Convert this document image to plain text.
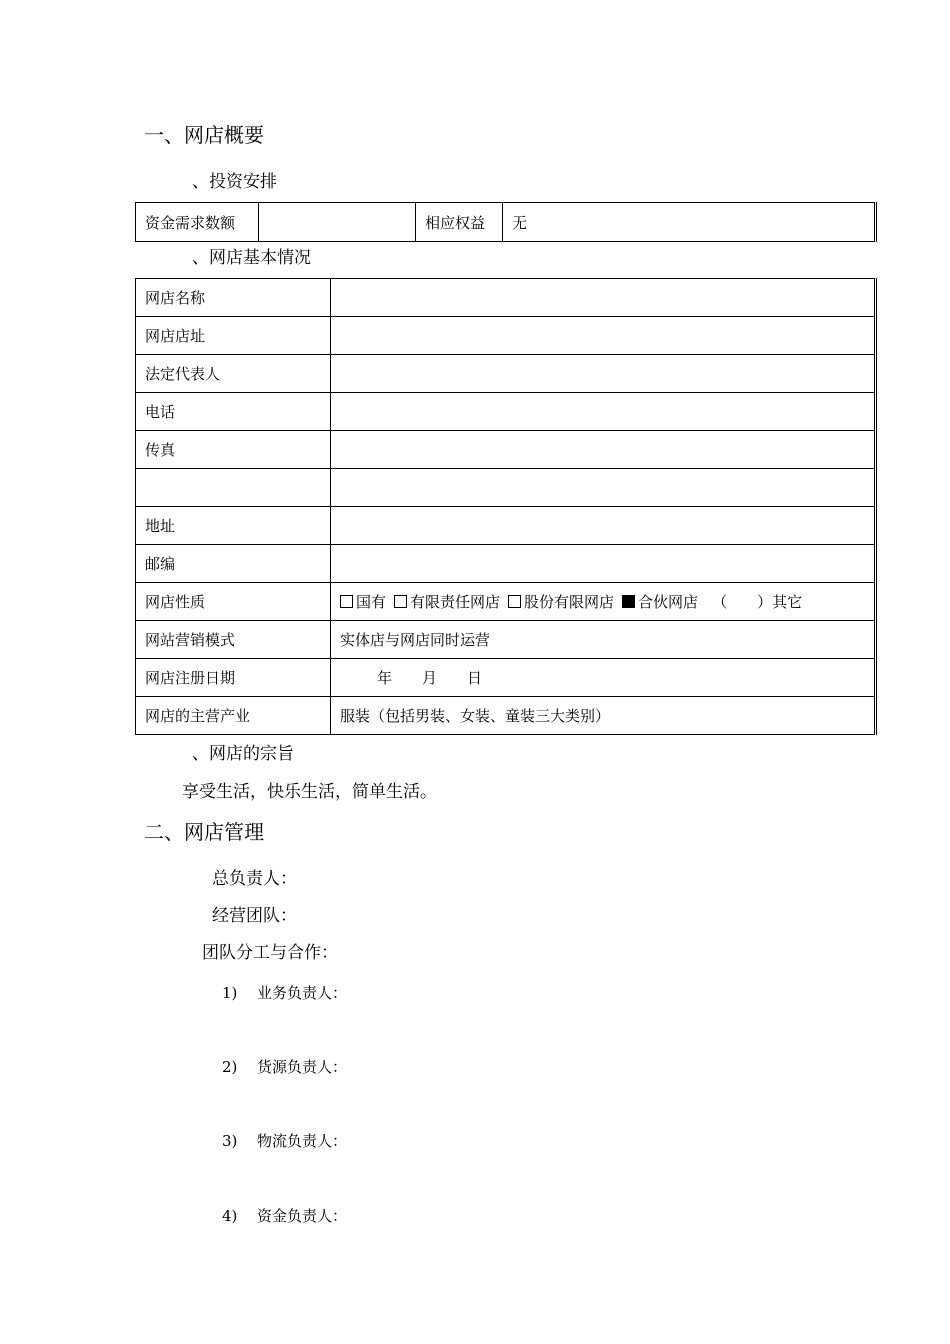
一、网店概要
、投资安排
资金需求数额		相应权益	无
、网店基本情况
网店名称	
网店店址	
法定代表人	
电话	
传真	

地址	
邮编	
网店性质	国有 有限责任网店 股份有限网店 合伙网店 （　　）其它
网站营销模式	实体店与网店同时运营
网店注册日期	年　　月　　日
网店的主营产业	服装（包括男装、女装、童装三大类别）
、网店的宗旨
享受生活，快乐生活，简单生活。
二、网店管理
总负责人：
经营团队：
团队分工与合作：
1) 业务负责人：
2) 货源负责人：
3) 物流负责人：
4) 资金负责人：
